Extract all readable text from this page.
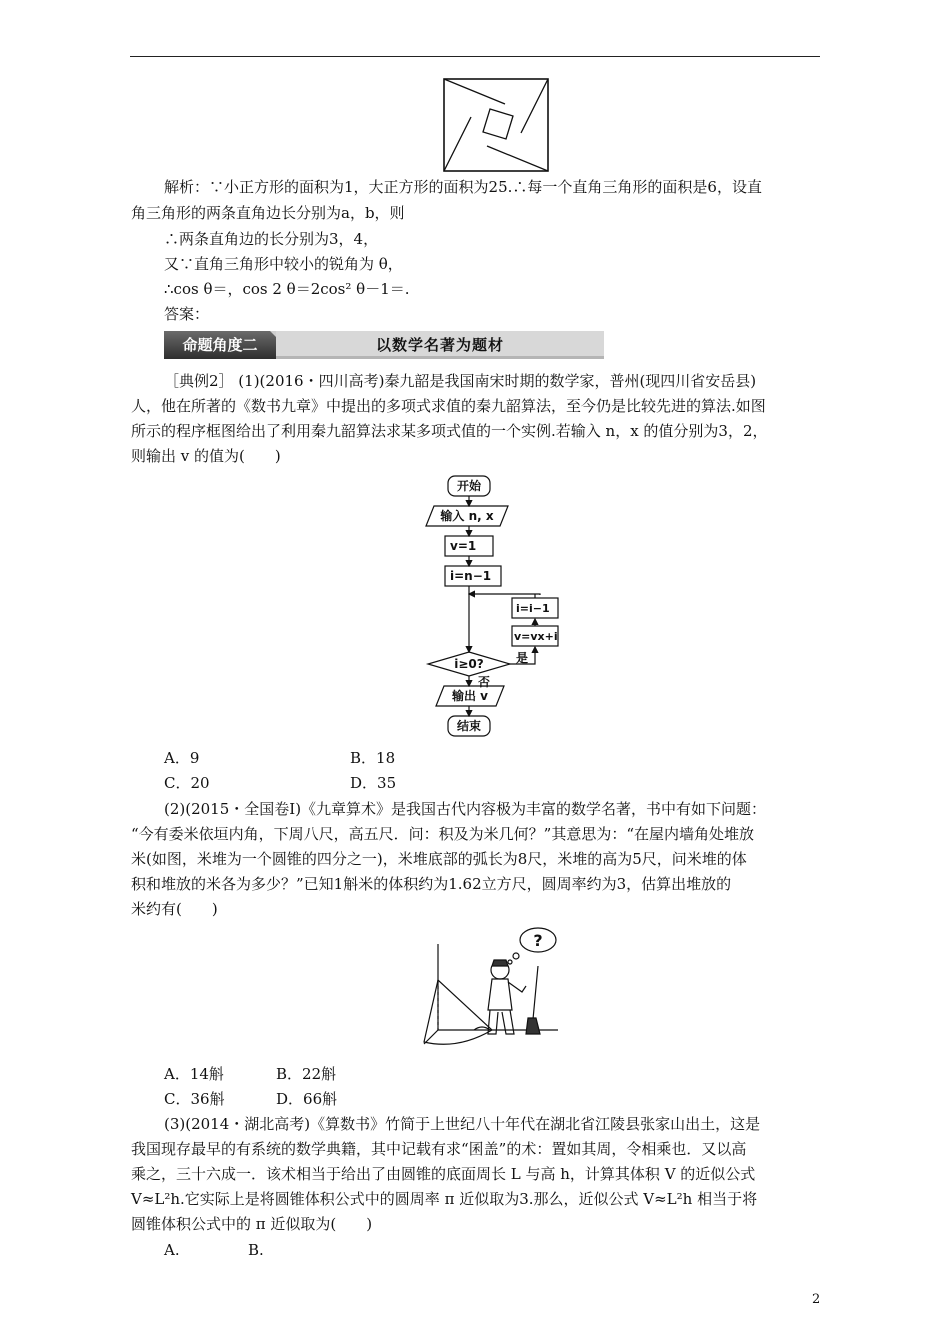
解析：∵小正方形的面积为1，大正方形的面积为25.∴每一个直角三角形的面积是6，设直
角三角形的两条直角边长分别为a，b，则
∴两条直角边的长分别为3，4，
又∵直角三角形中较小的锐角为 θ，
∴cos θ＝，cos 2 θ＝2cos² θ－1＝.
答案：
命题角度二	以数学名著为题材
［典例2］ (1)(2016・四川高考)秦九韶是我国南宋时期的数学家，普州(现四川省安岳县)
人，他在所著的《数书九章》中提出的多项式求值的秦九韶算法，至今仍是比较先进的算法.如图
所示的程序框图给出了利用秦九韶算法求某多项式值的一个实例.若输入 n，x 的值分别为3，2，
则输出 v 的值为(　　)
开始
输入 n, x
v=1
i=n−1
i=i−1
v=vx+i
是
i≥0?
否
输出 v
结束
A．9	B．18
C．20	D．35
(2)(2015・全国卷Ⅰ)《九章算术》是我国古代内容极为丰富的数学名著，书中有如下问题：
“今有委米依垣内角，下周八尺，高五尺．问：积及为米几何？”其意思为：“在屋内墙角处堆放
米(如图，米堆为一个圆锥的四分之一)，米堆底部的弧长为8尺，米堆的高为5尺，问米堆的体
积和堆放的米各为多少？”已知1斛米的体积约为1.62立方尺，圆周率约为3，估算出堆放的
米约有(　　)
?
A．14斛	B．22斛
C．36斛	D．66斛
(3)(2014・湖北高考)《算数书》竹简于上世纪八十年代在湖北省江陵县张家山出土，这是
我国现存最早的有系统的数学典籍，其中记载有求“囷盖”的术：置如其周，令相乘也．又以高
乘之，三十六成一．该术相当于给出了由圆锥的底面周长 L 与高 h，计算其体积 V 的近似公式
V≈L²h.它实际上是将圆锥体积公式中的圆周率 π 近似取为3.那么，近似公式 V≈L²h 相当于将
圆锥体积公式中的 π 近似取为(　　)
A.	B.
2
